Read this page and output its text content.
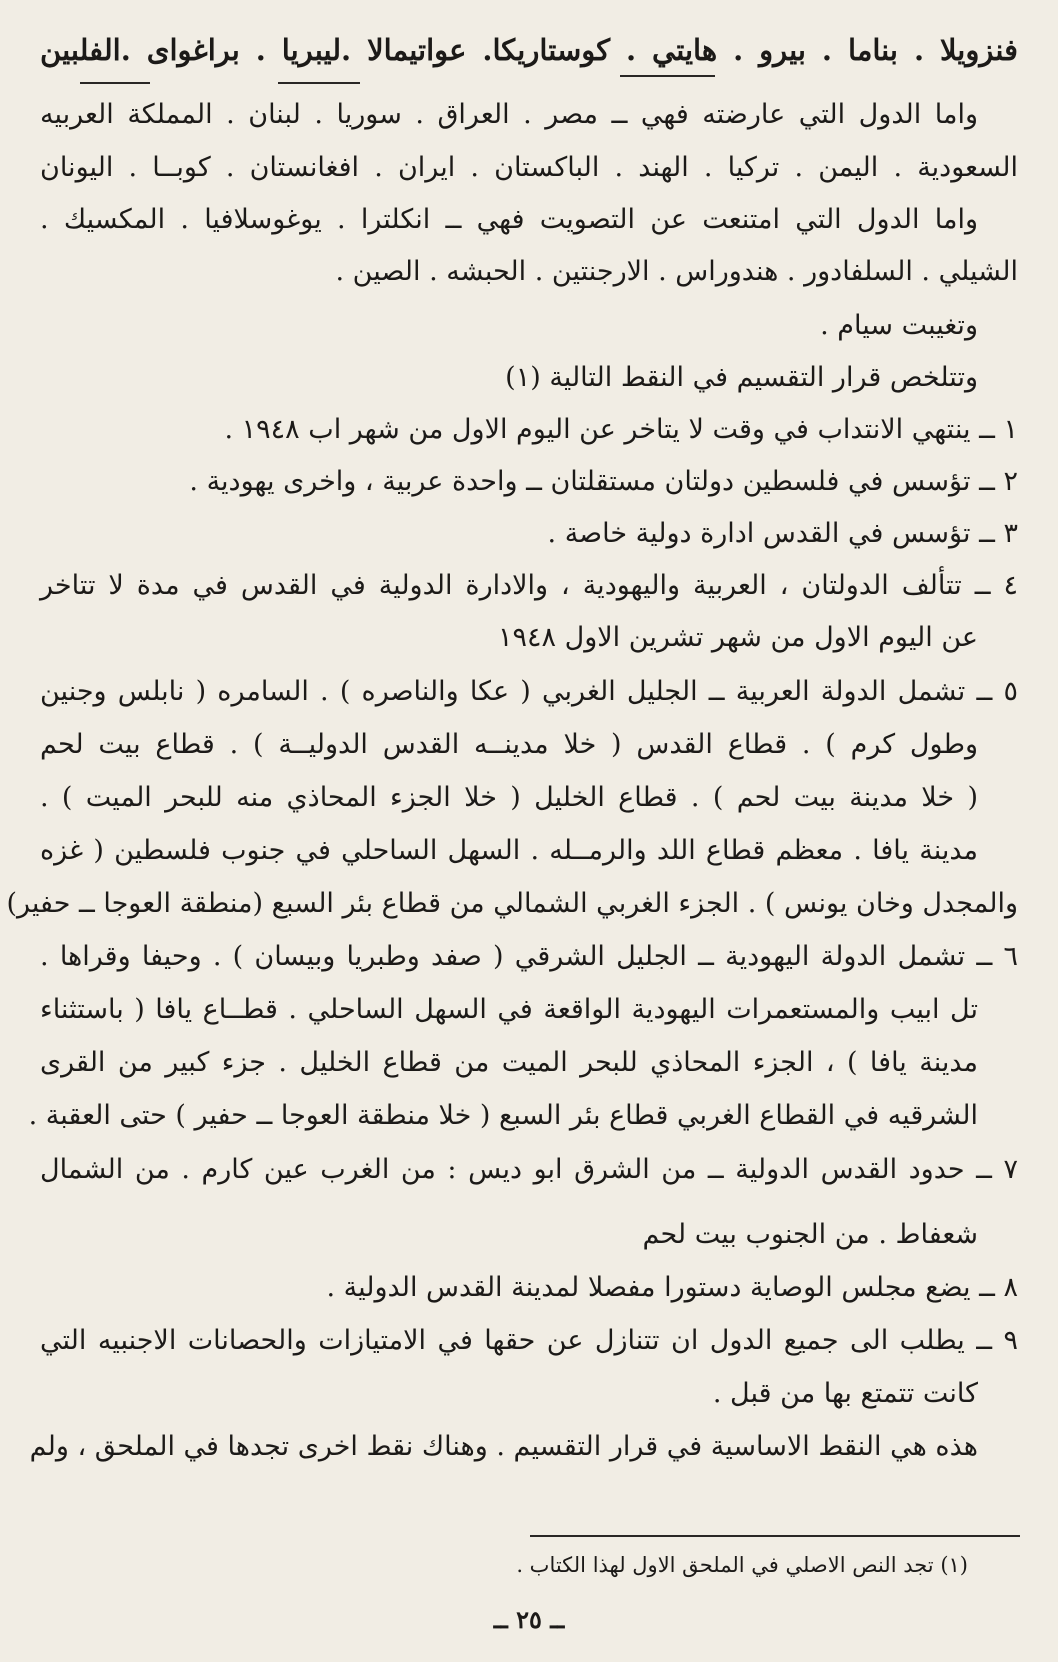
فنزويلا . بناما . بيرو . هايتي . كوستاريكا. عواتيمالا .ليبريا . براغواى .الفلبين
واما الدول التي عارضته فهي ــ مصر . العراق . سوريا . لبنان . المملكة العربيه
السعودية . اليمن . تركيا . الهند . الباكستان . ايران . افغانستان . كوبــا . اليونان
واما الدول التي امتنعت عن التصويت فهي ــ انكلترا . يوغوسلافيا . المكسيك .
الشيلي . السلفادور . هندوراس . الارجنتين . الحبشه . الصين .
وتغيبت سيام .
وتتلخص قرار التقسيم في النقط التالية (١)
١ ــ ينتهي الانتداب في وقت لا يتاخر عن اليوم الاول من شهر اب ١٩٤٨ .
٢ ــ تؤسس في فلسطين دولتان مستقلتان ــ واحدة عربية ، واخرى يهودية .
٣ ــ تؤسس في القدس ادارة دولية خاصة .
٤ ــ تتألف الدولتان ، العربية واليهودية ، والادارة الدولية في القدس في مدة لا تتاخر
عن اليوم الاول من شهر تشرين الاول ١٩٤٨
٥ ــ تشمل الدولة العربية ــ الجليل الغربي ( عكا والناصره ) . السامره ( نابلس وجنين
وطول كرم ) . قطاع القدس ( خلا مدينــه القدس الدوليــة ) . قطاع بيت لحم
( خلا مدينة بيت لحم ) . قطاع الخليل ( خلا الجزء المحاذي منه للبحر الميت ) .
مدينة يافا . معظم قطاع اللد والرمــله . السهل الساحلي في جنوب فلسطين ( غزه
والمجدل وخان يونس ) . الجزء الغربي الشمالي من قطاع بئر السبع (منطقة العوجا ــ حفير)
٦ ــ تشمل الدولة اليهودية ــ الجليل الشرقي ( صفد وطبريا وبيسان ) . وحيفا وقراها .
تل ابيب والمستعمرات اليهودية الواقعة في السهل الساحلي . قطــاع يافا ( باستثناء
مدينة يافا ) ، الجزء المحاذي للبحر الميت من قطاع الخليل . جزء كبير من القرى
الشرقيه في القطاع الغربي قطاع بئر السبع ( خلا منطقة العوجا ــ حفير ) حتى العقبة .
٧ ــ حدود القدس الدولية ــ من الشرق ابو ديس : من الغرب عين كارم . من الشمال
شعفاط . من الجنوب بيت لحم
٨ ــ يضع مجلس الوصاية دستورا مفصلا لمدينة القدس الدولية .
٩ ــ يطلب الى جميع الدول ان تتنازل عن حقها في الامتيازات والحصانات الاجنبيه التي
كانت تتمتع بها من قبل .
هذه هي النقط الاساسية في قرار التقسيم . وهناك نقط اخرى تجدها في الملحق ، ولم
(١) تجد النص الاصلي في الملحق الاول لهذا الكتاب .
ــ ٢٥ ــ
